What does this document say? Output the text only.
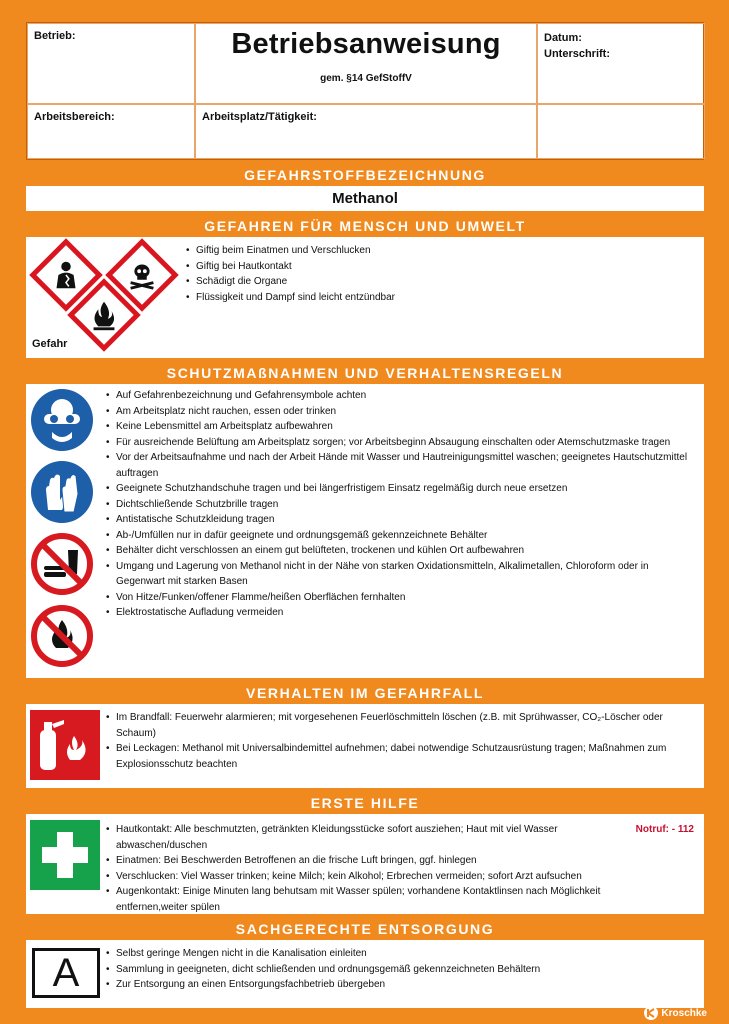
Betrieb:	Betriebsanweisung
gem. §14 GefStoffV
Datum:
Unterschrift:
Arbeitsbereich:	Arbeitsplatz/Tätigkeit:
GEFAHRSTOFFBEZEICHNUNG
Methanol
GEFAHREN FÜR MENSCH UND UMWELT
Gefahr
• Giftig beim Einatmen und Verschlucken
• Giftig bei Hautkontakt
• Schädigt die Organe
• Flüssigkeit und Dampf sind leicht entzündbar
SCHUTZMAßNAHMEN UND VERHALTENSREGELN
• Auf Gefahrenbezeichnung und Gefahrensymbole achten
• Am Arbeitsplatz nicht rauchen, essen oder trinken
• Keine Lebensmittel am Arbeitsplatz aufbewahren
• Für ausreichende Belüftung am Arbeitsplatz sorgen; vor Arbeitsbeginn Absaugung einschalten oder Atemschutzmaske tragen
• Vor der Arbeitsaufnahme und nach der Arbeit Hände mit Wasser und Hautreinigungsmittel waschen; geeignetes Hautschutzmittel auftragen
• Geeignete Schutzhandschuhe tragen und bei längerfristigem Einsatz regelmäßig durch neue ersetzen
• Dichtschließende Schutzbrille tragen
• Antistatische Schutzkleidung tragen
• Ab-/Umfüllen nur in dafür geeignete und ordnungsgemäß gekennzeichnete Behälter
• Behälter dicht verschlossen an einem gut belüfteten, trockenen und kühlen Ort aufbewahren
• Umgang und Lagerung von Methanol nicht in der Nähe von starken Oxidationsmitteln, Alkalimetallen, Chloroform oder in Gegenwart mit starken Basen
• Von Hitze/Funken/offener Flamme/heißen Oberflächen fernhalten
• Elektrostatische Aufladung vermeiden
VERHALTEN IM GEFAHRFALL
• Im Brandfall: Feuerwehr alarmieren; mit vorgesehenen Feuerlöschmitteln löschen (z.B. mit Sprühwasser, CO₂-Löscher oder Schaum)
• Bei Leckagen: Methanol mit Universalbindemittel aufnehmen; dabei notwendige Schutzausrüstung tragen; Maßnahmen zum Explosionsschutz beachten
ERSTE HILFE
• Hautkontakt: Alle beschmutzten, getränkten Kleidungsstücke sofort ausziehen; Haut mit viel Wasser abwaschen/duschen
• Einatmen: Bei Beschwerden Betroffenen an die frische Luft bringen, ggf. hinlegen
• Verschlucken: Viel Wasser trinken; keine Milch; kein Alkohol; Erbrechen vermeiden; sofort Arzt aufsuchen
• Augenkontakt: Einige Minuten lang behutsam mit Wasser spülen; vorhandene Kontaktlinsen nach Möglichkeit entfernen,weiter spülen
Notruf: - 112
SACHGERECHTE ENTSORGUNG
A
•	Selbst geringe Mengen nicht in die Kanalisation einleiten
• Sammlung in geeigneten, dicht schließenden und ordnungsgemäß gekennzeichneten Behältern
• Zur Entsorgung an einen Entsorgungsfachbetrieb übergeben
Kroschke
